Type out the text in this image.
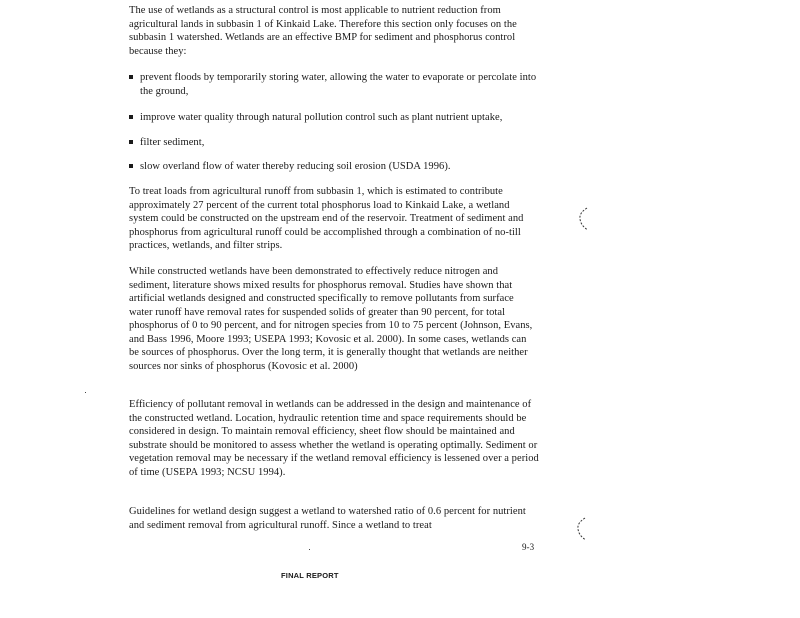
The use of wetlands as a structural control is most applicable to nutrient reduction from agricultural lands in subbasin 1 of Kinkaid Lake. Therefore this section only focuses on the subbasin 1 watershed. Wetlands are an effective BMP for sediment and phosphorus control because they:

prevent floods by temporarily storing water, allowing the water to evaporate or percolate into the ground,
improve water quality through natural pollution control such as plant nutrient uptake,
filter sediment,
slow overland flow of water thereby reducing soil erosion (USDA 1996).

To treat loads from agricultural runoff from subbasin 1, which is estimated to contribute approximately 27 percent of the current total phosphorus load to Kinkaid Lake, a wetland system could be constructed on the upstream end of the reservoir. Treatment of sediment and phosphorus from agricultural runoff could be accomplished through a combination of no-till practices, wetlands, and filter strips.

While constructed wetlands have been demonstrated to effectively reduce nitrogen and sediment, literature shows mixed results for phosphorus removal. Studies have shown that artificial wetlands designed and constructed specifically to remove pollutants from surface water runoff have removal rates for suspended solids of greater than 90 percent, for total phosphorus of 0 to 90 percent, and for nitrogen species from 10 to 75 percent (Johnson, Evans, and Bass 1996, Moore 1993; USEPA 1993; Kovosic et al. 2000). In some cases, wetlands can be sources of phosphorus. Over the long term, it is generally thought that wetlands are neither sources nor sinks of phosphorus (Kovosic et al. 2000)

Efficiency of pollutant removal in wetlands can be addressed in the design and maintenance of the constructed wetland. Location, hydraulic retention time and space requirements should be considered in design. To maintain removal efficiency, sheet flow should be maintained and substrate should be monitored to assess whether the wetland is operating optimally. Sediment or vegetation removal may be necessary if the wetland removal efficiency is lessened over a period of time (USEPA 1993; NCSU 1994).

Guidelines for wetland design suggest a wetland to watershed ratio of 0.6 percent for nutrient and sediment removal from agricultural runoff. Since a wetland to treat

9-3
FINAL REPORT
